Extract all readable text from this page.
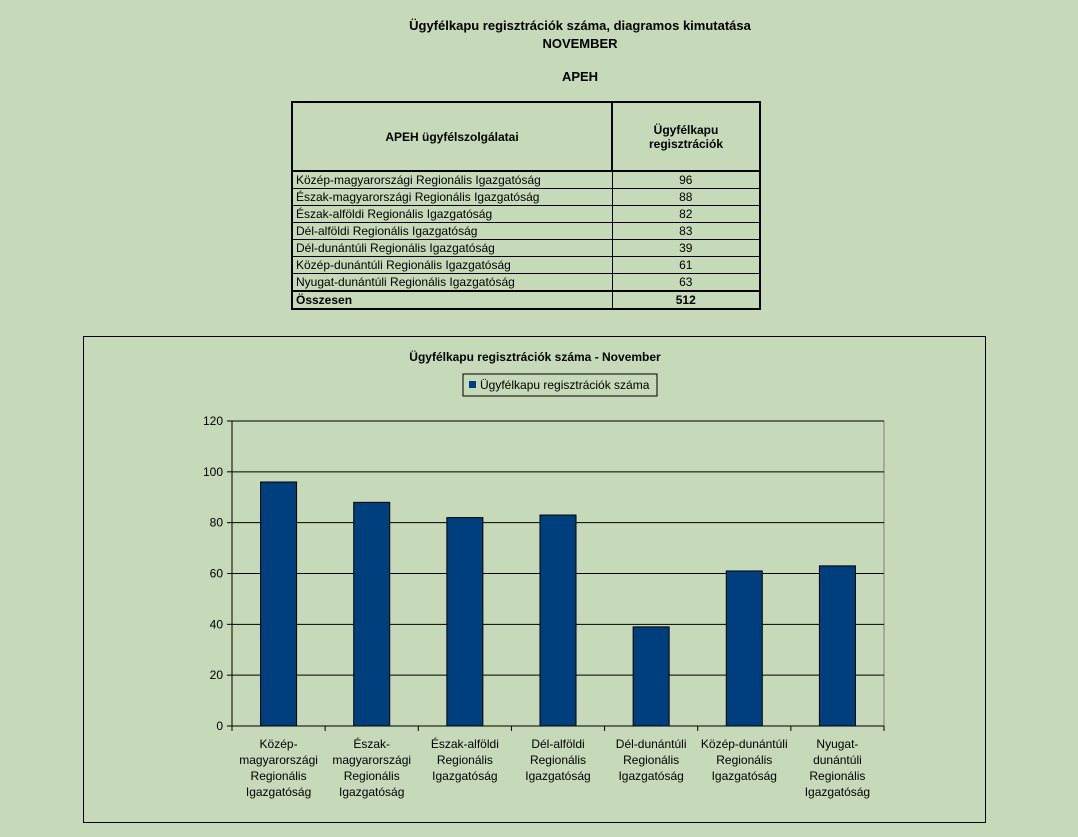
Ügyfélkapu regisztrációk száma, diagramos kimutatása
NOVEMBER
APEH
APEH ügyfélszolgálatai	Ügyfélkapu
regisztrációk
Közép-magyarországi Regionális Igazgatóság	96
Észak-magyarországi Regionális Igazgatóság	88
Észak-alföldi Regionális Igazgatóság	82
Dél-alföldi Regionális Igazgatóság	83
Dél-dunántúli Regionális Igazgatóság	39
Közép-dunántúli Regionális Igazgatóság	61
Nyugat-dunántúli Regionális Igazgatóság	63
Összesen	512
Ügyfélkapu regisztrációk száma - November
Ügyfélkapu regisztrációk száma
0
20
40
60
80
100
120
Közép-magyarországi Regionális Igazgatóság
Észak-magyarországi Regionális Igazgatóság
Észak-alföldi Regionális Igazgatóság
Dél-alföldi Regionális Igazgatóság
Dél-dunántúli Regionális Igazgatóság
Közép-dunántúli Regionális Igazgatóság
Nyugat-dunántúli Regionális Igazgatóság
